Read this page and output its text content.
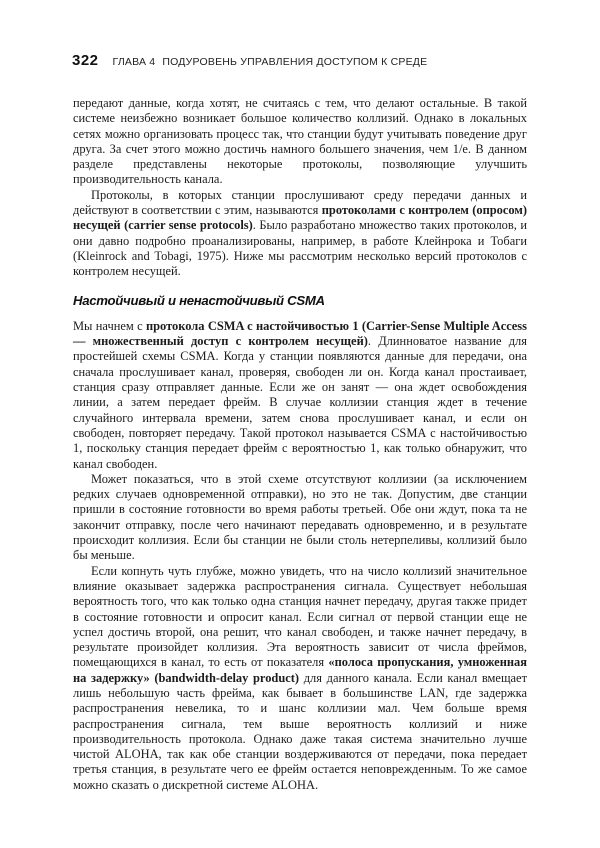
322 ГЛАВА 4 ПОДУРОВЕНЬ УПРАВЛЕНИЯ ДОСТУПОМ К СРЕДЕ

передают данные, когда хотят, не считаясь с тем, что делают остальные. В такой системе неизбежно возникает большое количество коллизий. Однако в локальных сетях можно организовать процесс так, что станции будут учитывать поведение друг друга. За счет этого можно достичь намного большего значения, чем 1/e. В данном разделе представлены некоторые протоколы, позволяющие улучшить производительность канала.

Протоколы, в которых станции прослушивают среду передачи данных и действуют в соответствии с этим, называются протоколами с контролем (опросом) несущей (carrier sense protocols). Было разработано множество таких протоколов, и они давно подробно проанализированы, например, в работе Клейнрока и Тобаги (Kleinrock and Tobagi, 1975). Ниже мы рассмотрим несколько версий протоколов с контролем несущей.

Настойчивый и ненастойчивый CSMA

Мы начнем с протокола CSMA с настойчивостью 1 (Carrier-Sense Multiple Access — множественный доступ с контролем несущей). Длинноватое название для простейшей схемы CSMA. Когда у станции появляются данные для передачи, она сначала прослушивает канал, проверяя, свободен ли он. Когда канал простаивает, станция сразу отправляет данные. Если же он занят — она ждет освобождения линии, а затем передает фрейм. В случае коллизии станция ждет в течение случайного интервала времени, затем снова прослушивает канал, и если он свободен, повторяет передачу. Такой протокол называется CSMA с настойчивостью 1, поскольку станция передает фрейм с вероятностью 1, как только обнаружит, что канал свободен.

Может показаться, что в этой схеме отсутствуют коллизии (за исключением редких случаев одновременной отправки), но это не так. Допустим, две станции пришли в состояние готовности во время работы третьей. Обе они ждут, пока та не закончит отправку, после чего начинают передавать одновременно, и в результате происходит коллизия. Если бы станции не были столь нетерпеливы, коллизий было бы меньше.

Если копнуть чуть глубже, можно увидеть, что на число коллизий значительное влияние оказывает задержка распространения сигнала. Существует небольшая вероятность того, что как только одна станция начнет передачу, другая также придет в состояние готовности и опросит канал. Если сигнал от первой станции еще не успел достичь второй, она решит, что канал свободен, и также начнет передачу, в результате произойдет коллизия. Эта вероятность зависит от числа фреймов, помещающихся в канал, то есть от показателя «полоса пропускания, умноженная на задержку» (bandwidth-delay product) для данного канала. Если канал вмещает лишь небольшую часть фрейма, как бывает в большинстве LAN, где задержка распространения невелика, то и шанс коллизии мал. Чем больше время распространения сигнала, тем выше вероятность коллизий и ниже производительность протокола. Однако даже такая система значительно лучше чистой ALOHA, так как обе станции воздерживаются от передачи, пока передает третья станция, в результате чего ее фрейм остается неповрежденным. То же самое можно сказать о дискретной системе ALOHA.
